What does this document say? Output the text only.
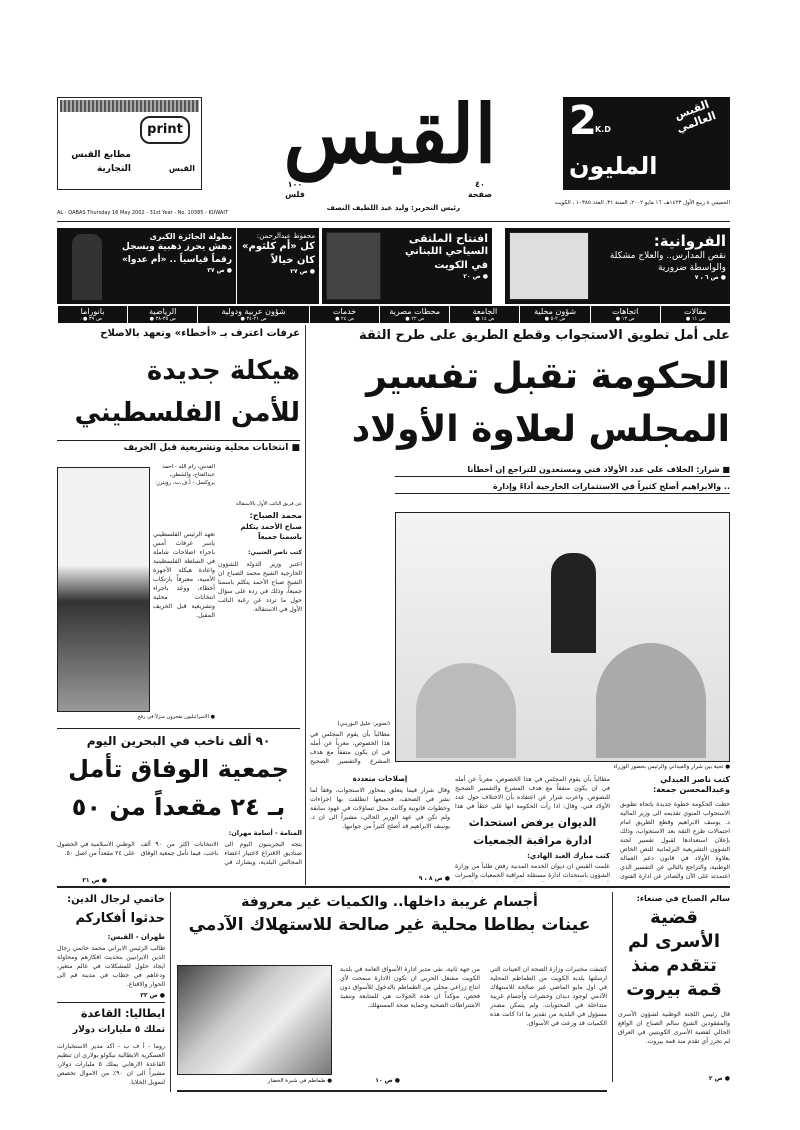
print
مطابع القبس
التجارية	القبس	القبس	2
K.D
القبس العالمي
المليون
٤٠
صفحة
١٠٠
فلس
رئيس التحرير: وليد عبد اللطيف النصف
الخميس ٤ ربيع الأول ١٤٢٣هـ، ١٦ مايو ٢٠٠٢، السنة ٣١، العدد ١٠٣٨٥ ، الكويت
AL - QABAS Thursday 16 May 2002 - 31st Year - No. 10385 - KUWAIT
الفروانية:
نقص المدارس.. والعلاج مشكلة والواسطة ضرورية
● ص ٦ ، ٧
افتتاح الملتقى
السياحي اللبناني في الكويت
● ص ٢٠
محفوظ عبدالرحمن:
كل «أم كلثوم» كان خيالاً
● ص ٢٧
بطولة الجائزة الكبرى
دهش يحرز ذهبية ويسجل رقماً قياسياً .. «أم عدوا»
● ص ٣٧
مقالات
● ص ١١
اتجاهات
● ص ١٣
شؤون محلية
● ص ٢-٥
الجامعة
● ص ١٤
محطات مصرية
● ص ٢٢
خدمات
● ص ٢٤
شؤون عربية ودولية
● ص ٢١-٣٤
الرياضية
● ص ٣٥-٣٨
بانوراما
● ص ٣٩
على أمل تطويق الاستجواب وقطع الطريق على طرح الثقة
الحكومة تقبل تفسير
المجلس لعلاوة الأولاد
■ شرار: الخلاف على عدد الأولاد فني ومستعدون للتراجع إن أخطأنا
.. والابراهيم أصلح كثيراً في الاستثمارات الخارجية أداءً وإدارة
● تحية بين شرار والعيداني والرئيس بحضور الوزراء
كتب ناصر العبدلي وعبدالمحسن جمعة:
خطت الحكومة خطوة جديدة باتجاه تطويق الاستجواب المنوي تقديمه الى وزير المالية د. يوسف الابراهيم وقطع الطريق امام احتمالات طرح الثقة بعد الاستجواب، وذلك بإعلان استعدادها لقبول تفسير لجنة الشؤون التشريعية البرلمانية للنص الخاص بعلاوة الأولاد في قانون دعم العمالة الوطنية، والتراجع بالتالي عن التفسير الذي اعتمدته على الآن والصادر عن ادارة الفتوى
مطالباً بأن يقوم المجلس في هذا الخصوص، معرباً عن أمله في ان يكون متفقاً مع هدف المشرع والتفسير الصحيح للنصوص. واعرب شرار عن اعتقاده بأن الاختلاف حول عدد الأولاد فني. وقال: اذا رأت الحكومة انها على خطأ في هذا
الديوان يرفض استحداث
ادارة مراقبة الجمعيات
كتب مبارك العبد الهادي:
علمت القبس ان ديوان الخدمة المدنية رفض طلباً من وزارة الشؤون باستحداث ادارة مستقلة لمراقبة الجمعيات والمبرات
(تصوير: خليل البوريني)
مطالباً بأن يقوم المجلس في هذا الخصوص، معرباً عن أمله في ان يكون متفقاً مع هدف المشرع والتفسير الصحيح
إصلاحات متعددة
وقال شرار فيما يتعلق بمحاور الاستجواب، وفقاً لما نشر في الصحف، فجميعها انطلقت بها اجراءات وخطوات قانونية وكانت محل تساؤلات في عهود سابقة ولم تكن في عهد الوزير الحالي، مشيراً الى ان د. يوسف الابراهيم قد أصلح كثيراً من جوانبها.
● ص ٨ ، ٩
عن فريق النائب الأول بالاستقالة
محمد الصباح:
صباح الأحمد يتكلم باسمنا جميعاً
كتب ناصر العتيبي:
اعتبر وزير الدولة للشؤون الخارجية الشيخ محمد الصباح ان الشيخ صباح الأحمد يتكلم باسمنا جميعاً، وذلك في رده على سؤال حول ما تردد عن رغبة النائب الأول في الاستقالة.
عرفات اعترف بـ «أخطاء» وتعهد بالاصلاح
هيكلة جديدة
للأمن الفلسطيني
■ انتخابات محلية وتشريعية قبل الخريف
● الاسرائيليون يفجرون منزلاً في رفح
القدس، رام الله - احمد عبدالفتاح، والشطن، بروكسل - أ.ف.ب، رويترز:
تعهد الرئيس الفلسطيني ياسر عرفات أمس باجراء اصلاحات شاملة في السلطة الفلسطينية واعادة هيكلة الأجهزة الأمنية، معترفاً بارتكاب أخطاء، ووعد باجراء انتخابات محلية وتشريعية قبل الخريف المقبل.
٩٠ ألف ناخب في البحرين اليوم
جمعية الوفاق تأمل
بـ ٢٤ مقعداً من ٥٠
المنامة - أسامة مهران:
يتجه البحرينيون اليوم الى صناديق الاقتراع لاختيار اعضاء المجالس البلدية، ويشارك في الانتخابات اكثر من ٩٠ ألف ناخب، فيما تأمل جمعية الوفاق الوطني الاسلامية في الحصول على ٢٤ مقعداً من اصل ٥٠.
● ص ٣١
سالم الصباح في صنعاء:
قضية الأسرى لم تتقدم منذ قمة بيروت
قال رئيس اللجنة الوطنية لشؤون الأسرى والمفقودين الشيخ سالم الصباح ان الواقع الحالي لقضية الأسرى الكويتيين في العراق لم تحرز أي تقدم منذ قمة بيروت.
● ص ٢
أجسام غريبة داخلها.. والكميات غير معروفة
عينات بطاطا محلية غير صالحة للاستهلاك الآدمي
كشفت مختبرات وزارة الصحة ان العينات التي ارسلتها بلدية الكويت من الطماطم المحلية في اول مايو الماضي غير صالحة للاستهلاك الآدمي لوجود ديدان وحشرات وأجسام غريبة متداخلة في المحتويات. ولم يتمكن مصدر مسؤول في البلدية من تقدير ما اذا كانت هذه الكميات قد وزعت في الأسواق.
من جهة ثانية، نفى مدير ادارة الأسواق العامة في بلدية الكويت مشعل الحربي ان تكون الادارة سمحت لأي انتاج زراعي محلي من الطماطم بالدخول للأسواق دون فحص، مؤكداً ان هذه الجولات هي للمتابعة وتنفيذ الاشتراطات الصحية وحماية صحة المستهلك.
● طماطم في شبرة الخضار	● ص ١٠
خاتمي لرجال الدين:
حدثوا أفكاركم
طهران - القبس:
طالب الرئيس الايراني محمد خاتمي رجال الدين الايرانيين بتحديث افكارهم ومحاولة ايجاد حلول للمشكلات في عالم متغير، ودعاهم في خطاب في مدينة قم الى الحوار والاقناع.
● ص ٣٣
ايطاليا: القاعدة
تملك ٥ مليارات دولار
روما - أ ف ب - اكد مدير الاستخبارات العسكرية الايطالية نيكولو بولاري ان تنظيم القاعدة الارهابي يملك ٥ مليارات دولار، مشيراً الى ان ٩٠٪ من الاموال تخصص لتمويل الخلايا.
